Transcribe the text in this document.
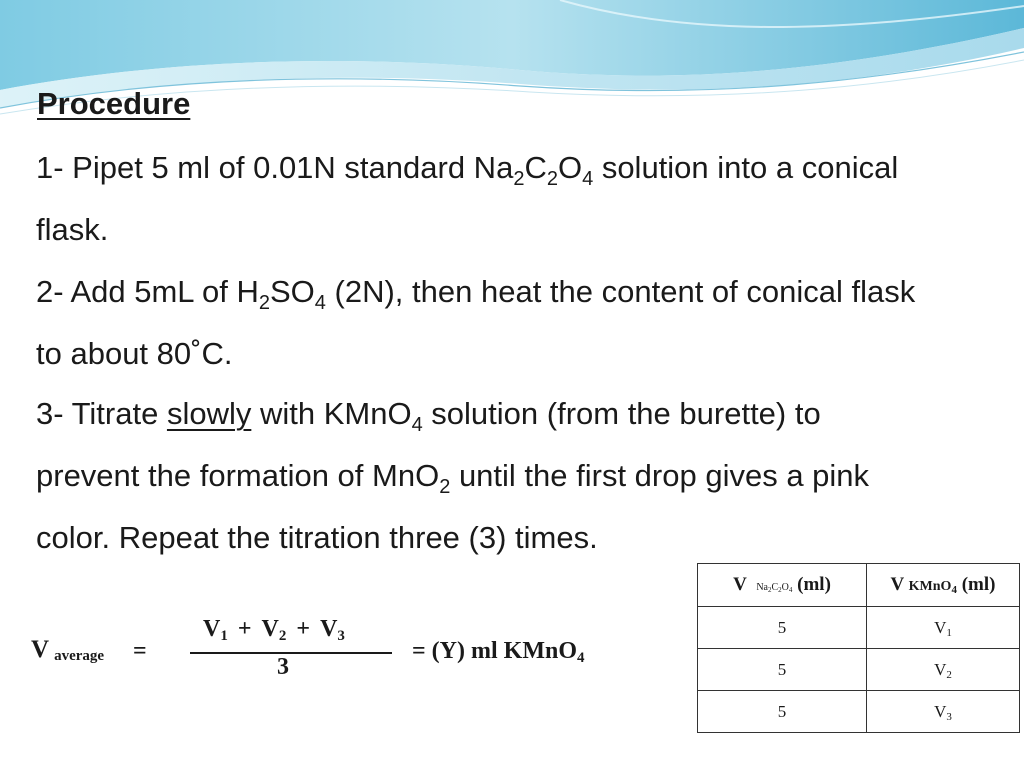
Procedure

1- Pipet 5 ml of 0.01N standard $Na_2C_2O_4$ solution into a conical

flask.

2- Add 5mL of $H_2SO_4$ (2N), then heat the content of conical flask

to about 80˚C.

3- Titrate slowly with KMnO$_4$ solution (from the burette) to

prevent the formation of MnO$_2$ until the first drop gives a pink

color. Repeat the titration three (3) times.

V $_{average}$ =
$V_1 + V_2 + V_3$
3
= (Y) ml KMnO$_4$
V $Na_2C_2O_4$ (ml)	V KMnO$_4$ (ml)
5	$V_1$
5	$V_2$
5	$V_3$
